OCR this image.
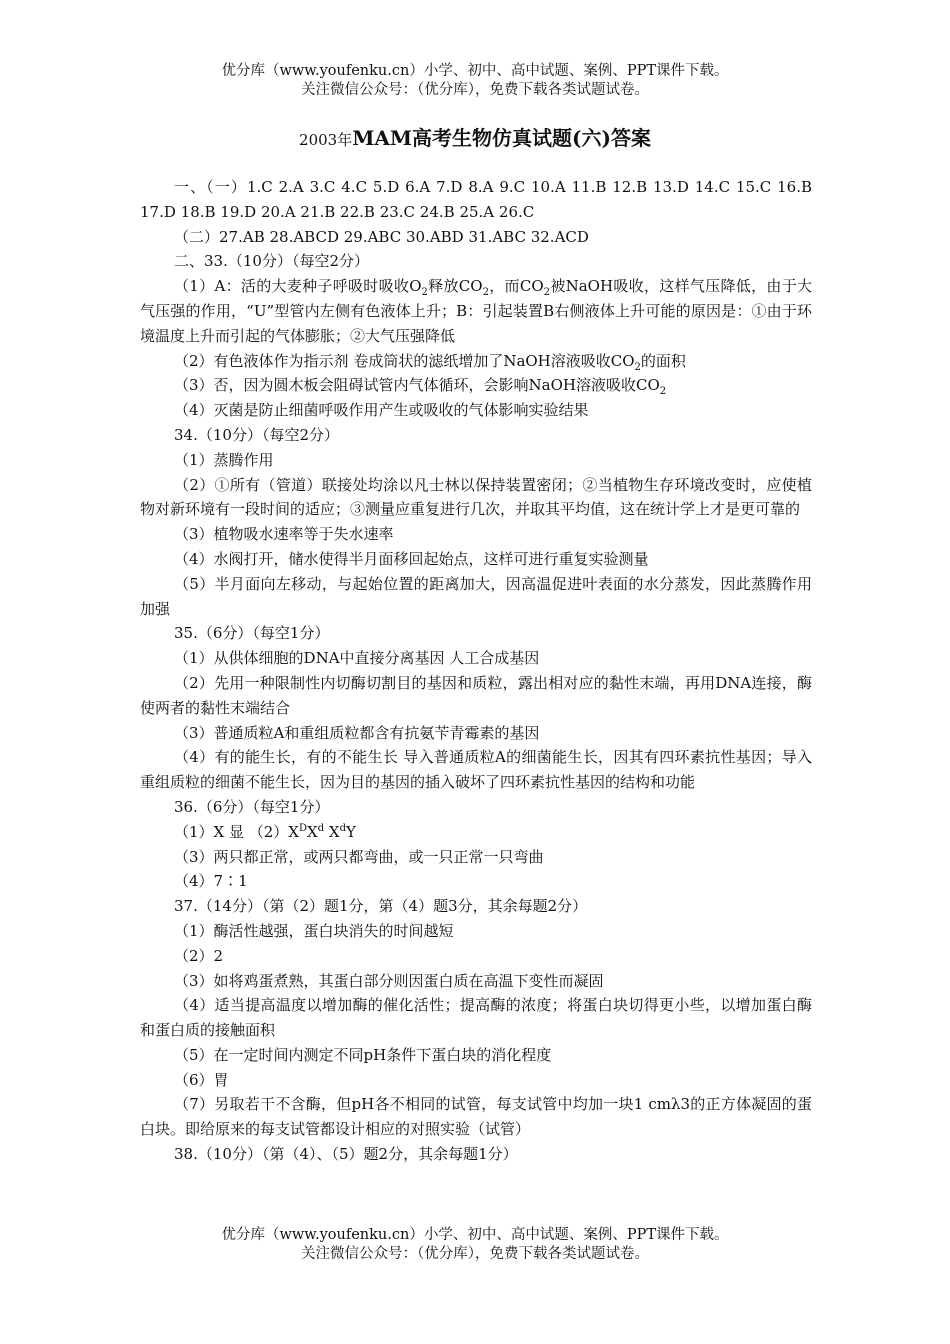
优分库（www.youfenku.cn）小学、初中、高中试题、案例、PPT课件下载。
关注微信公众号：（优分库），免费下载各类试题试卷。
2003年MAM高考生物仿真试题(六)答案

一、（一）1.C 2.A 3.C 4.C 5.D 6.A 7.D 8.A 9.C 10.A 11.B 12.B 13.D 14.C 15.C 16.B 17.D 18.B 19.D 20.A 21.B 22.B 23.C 24.B 25.A 26.C

（二）27.AB 28.ABCD 29.ABC 30.ABD 31.ABC 32.ACD

二、33.（10分）（每空2分）

（1）A：活的大麦种子呼吸时吸收$O_2$释放$CO_2$，而$CO_2$被NaOH吸收，这样气压降低，由于大气压强的作用，“U”型管内左侧有色液体上升；B：引起装置B右侧液体上升可能的原因是：①由于环境温度上升而引起的气体膨胀；②大气压强降低

（2）有色液体作为指示剂 卷成筒状的滤纸增加了NaOH溶液吸收$CO_2$的面积

（3）否，因为圆木板会阻碍试管内气体循环，会影响NaOH溶液吸收$CO_2$

（4）灭菌是防止细菌呼吸作用产生或吸收的气体影响实验结果

34.（10分）（每空2分）

（1）蒸腾作用

（2）①所有（管道）联接处均涂以凡士林以保持装置密闭；②当植物生存环境改变时，应使植物对新环境有一段时间的适应；③测量应重复进行几次，并取其平均值，这在统计学上才是更可靠的

（3）植物吸水速率等于失水速率

（4）水阀打开，储水使得半月面移回起始点，这样可进行重复实验测量

（5）半月面向左移动，与起始位置的距离加大，因高温促进叶表面的水分蒸发，因此蒸腾作用加强

35.（6分）（每空1分）

（1）从供体细胞的DNA中直接分离基因 人工合成基因

（2）先用一种限制性内切酶切割目的基因和质粒，露出相对应的黏性末端，再用DNA连接，酶使两者的黏性末端结合

（3）普通质粒A和重组质粒都含有抗氨苄青霉素的基因

（4）有的能生长，有的不能生长 导入普通质粒A的细菌能生长，因其有四环素抗性基因；导入重组质粒的细菌不能生长，因为目的基因的插入破坏了四环素抗性基因的结构和功能

36.（6分）（每空1分）

（1）X 显 $(2)X^DX^d$ $X^dY$

（3）两只都正常，或两只都弯曲，或一只正常一只弯曲

（4）7∶1

37.（14分）（第（2）题1分，第（4）题3分，其余每题2分）

（1）酶活性越强，蛋白块消失的时间越短

（2）2

（3）如将鸡蛋煮熟，其蛋白部分则因蛋白质在高温下变性而凝固

（4）适当提高温度以增加酶的催化活性；提高酶的浓度；将蛋白块切得更小些，以增加蛋白酶和蛋白质的接触面积

（5）在一定时间内测定不同pH条件下蛋白块的消化程度

（6）胃

（7）另取若干不含酶，但pH各不相同的试管，每支试管中均加一块1 cmλ3的正方体凝固的蛋白块。即给原来的每支试管都设计相应的对照实验（试管）

38.（10分）（第（4）、（5）题2分，其余每题1分）

优分库（www.youfenku.cn）小学、初中、高中试题、案例、PPT课件下载。
关注微信公众号：（优分库），免费下载各类试题试卷。
